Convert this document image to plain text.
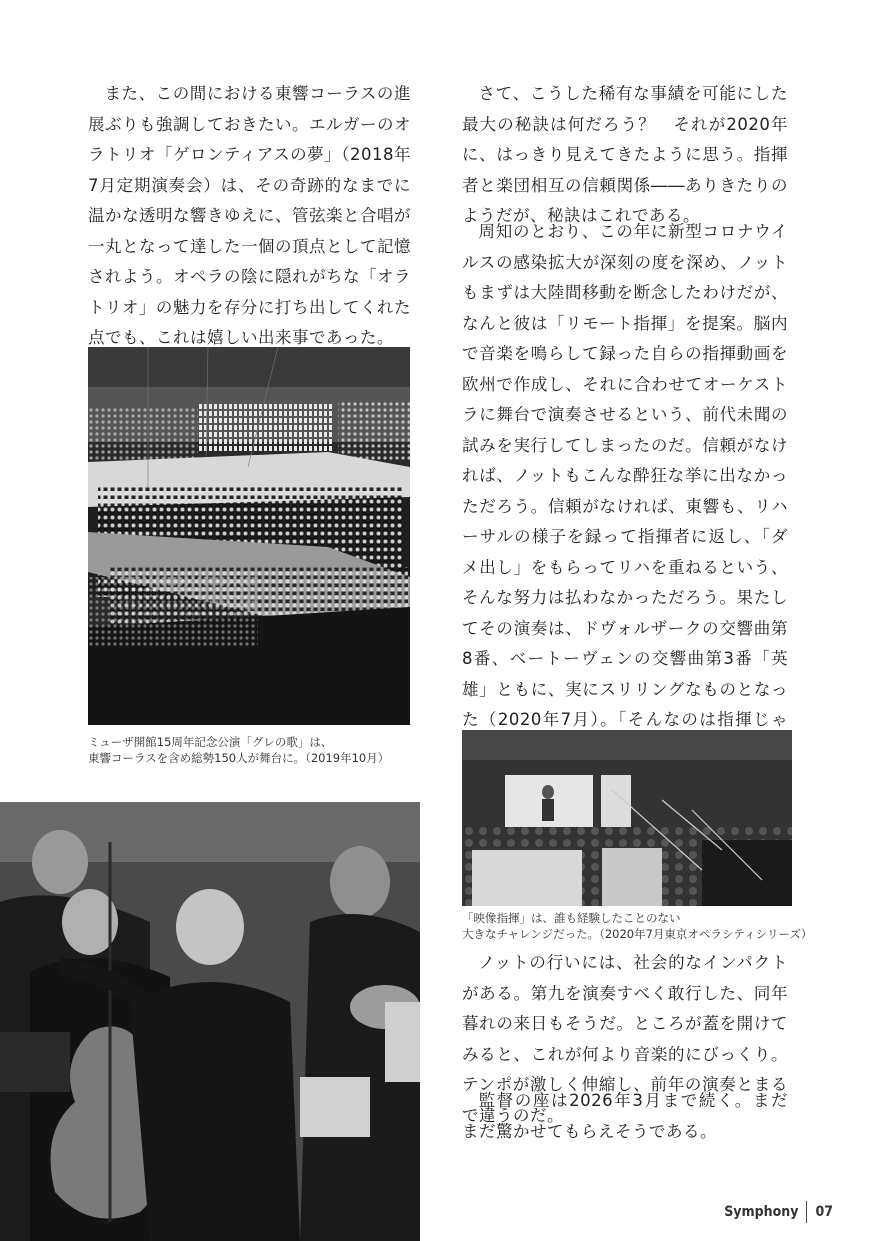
また、この間における東響コーラスの進展ぶりも強調しておきたい。エルガーのオラトリオ「ゲロンティアスの夢」（2018年7月定期演奏会）は、その奇跡的なまでに温かな透明な響きゆえに、管弦楽と合唱が一丸となって達した一個の頂点として記憶されよう。オペラの陰に隠れがちな「オラトリオ」の魅力を存分に打ち出してくれた点でも、これは嬉しい出来事であった。

ミューザ開館15周年記念公演「グレの歌」は、
東響コーラスを含め総勢150人が舞台に。（2019年10月）

さて、こうした稀有な事績を可能にした最大の秘訣は何だろう？　それが2020年に、はっきり見えてきたように思う。指揮者と楽団相互の信頼関係――ありきたりのようだが、秘訣はこれである。

周知のとおり、この年に新型コロナウイルスの感染拡大が深刻の度を深め、ノットもまずは大陸間移動を断念したわけだが、なんと彼は「リモート指揮」を提案。脳内で音楽を鳴らして録った自らの指揮動画を欧州で作成し、それに合わせてオーケストラに舞台で演奏させるという、前代未聞の試みを実行してしまったのだ。信頼がなければ、ノットもこんな酔狂な挙に出なかっただろう。信頼がなければ、東響も、リハーサルの様子を録って指揮者に返し、「ダメ出し」をもらってリハを重ねるという、そんな努力は払わなかっただろう。果たしてその演奏は、ドヴォルザークの交響曲第8番、ベートーヴェンの交響曲第3番「英雄」ともに、実にスリリングなものとなった（2020年7月）。「そんなのは指揮じゃ　

「映像指揮」は、誰も経験したことのない
大きなチャレンジだった。（2020年7月東京オペラシティシリーズ）

ノットの行いには、社会的なインパクトがある。第九を演奏すべく敢行した、同年暮れの来日もそうだ。ところが蓋を開けてみると、これが何より音楽的にびっくり。テンポが激しく伸縮し、前年の演奏とまるで違うのだ。

監督の座は2026年3月まで続く。まだまだ驚かせてもらえそうである。

Symphony 07
